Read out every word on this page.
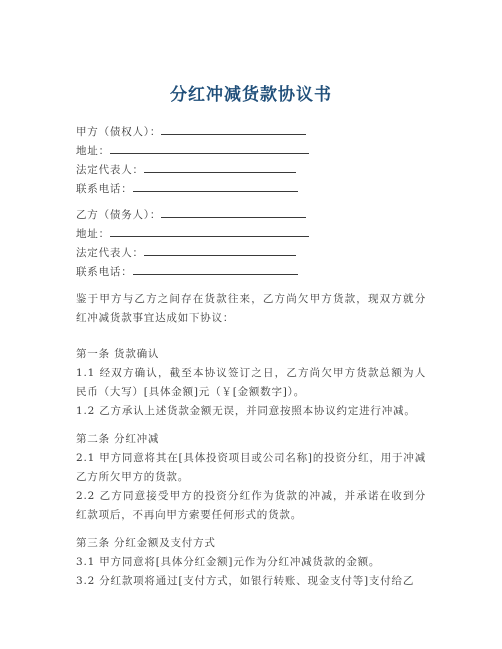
分红冲减货款协议书
甲方（债权人）：
地址：
法定代表人：
联系电话：
乙方（债务人）：
地址：
法定代表人：
联系电话：

鉴于甲方与乙方之间存在货款往来，乙方尚欠甲方货款，现双方就分红冲减货款事宜达成如下协议：

第一条 货款确认

1.1 经双方确认，截至本协议签订之日，乙方尚欠甲方货款总额为人民币（大写）[具体金额]元（￥[金额数字]）。

1.2 乙方承认上述货款金额无误，并同意按照本协议约定进行冲减。

第二条 分红冲减

2.1 甲方同意将其在[具体投资项目或公司名称]的投资分红，用于冲减乙方所欠甲方的货款。

2.2 乙方同意接受甲方的投资分红作为货款的冲减，并承诺在收到分红款项后，不再向甲方索要任何形式的货款。

第三条 分红金额及支付方式

3.1 甲方同意将[具体分红金额]元作为分红冲减货款的金额。

3.2 分红款项将通过[支付方式，如银行转账、现金支付等]支付给乙
